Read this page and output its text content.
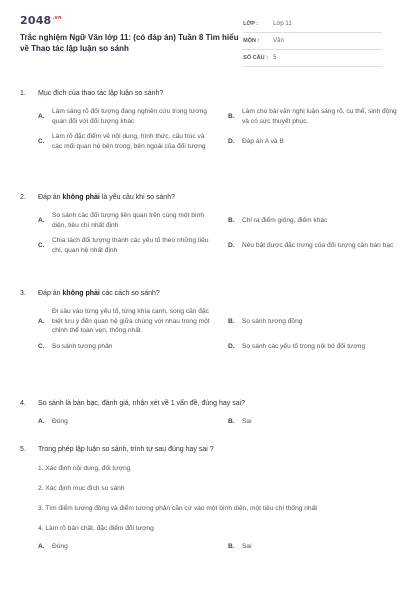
$2048^{.vn}$
Trắc nghiệm Ngữ Văn lớp 11: (có đáp án) Tuần 8 Tìm hiểu về Thao tác lập luận so sánh
LỚP :	Lớp 11
MÔN :	Văn
SỐ CÂU : 5
1.	Mục đích của thao tác lập luận so sánh?
A.
Làm sáng rõ đối tượng đang nghiên cứu trong tương quan đối với đối tượng khác
B.
Làm cho bài văn nghị luận sáng rõ, cụ thể, sinh động và có sức thuyết phục.
C.
Làm rõ đặc điểm về nội dung, hình thức, cấu trúc và các mối quan hệ bên trong, bên ngoài của đối tượng
D.	Đáp án A và B
2.	Đáp án không phải là yêu cầu khi so sánh?
A.
So sánh các đối tượng liên quan trên cùng một bình diện, tiêu chí nhất định
B.	Chỉ ra điểm giống, điểm khác
C.
Chia tách đối tượng thành các yếu tố theo những tiêu chí, quan hệ nhất định
D.	Nêu bật được đặc trưng của đối tượng cần bàn bạc
3.	Đáp án không phải các cách so sánh?
A.
Đi sâu vào từng yếu tố, từng khía cạnh, song cần đặc biệt lưu ý đến quan hệ giữa chúng với nhau trong một chỉnh thể toàn vẹn, thống nhất
B.	So sánh tương đồng
C.	So sánh tương phản	D.	So sánh các yếu tố trong nội bộ đối tượng
4.	So sánh là bàn bạc, đánh giá, nhận xét về 1 vấn đề, đúng hay sai?
A.	Đúng	B.	Sai
5.	Trong phép lập luận so sánh, trình tự sau đúng hay sai ?
1. Xác định nội dung, đối tượng
2. Xác định mục đích so sánh
3. Tìm điểm tương đồng và điểm tương phản căn cứ vào một bình diện, một tiêu chí thống nhất
4. Làm rõ bản chất, đặc điểm đối tượng
A.	Đúng	B.	Sai
